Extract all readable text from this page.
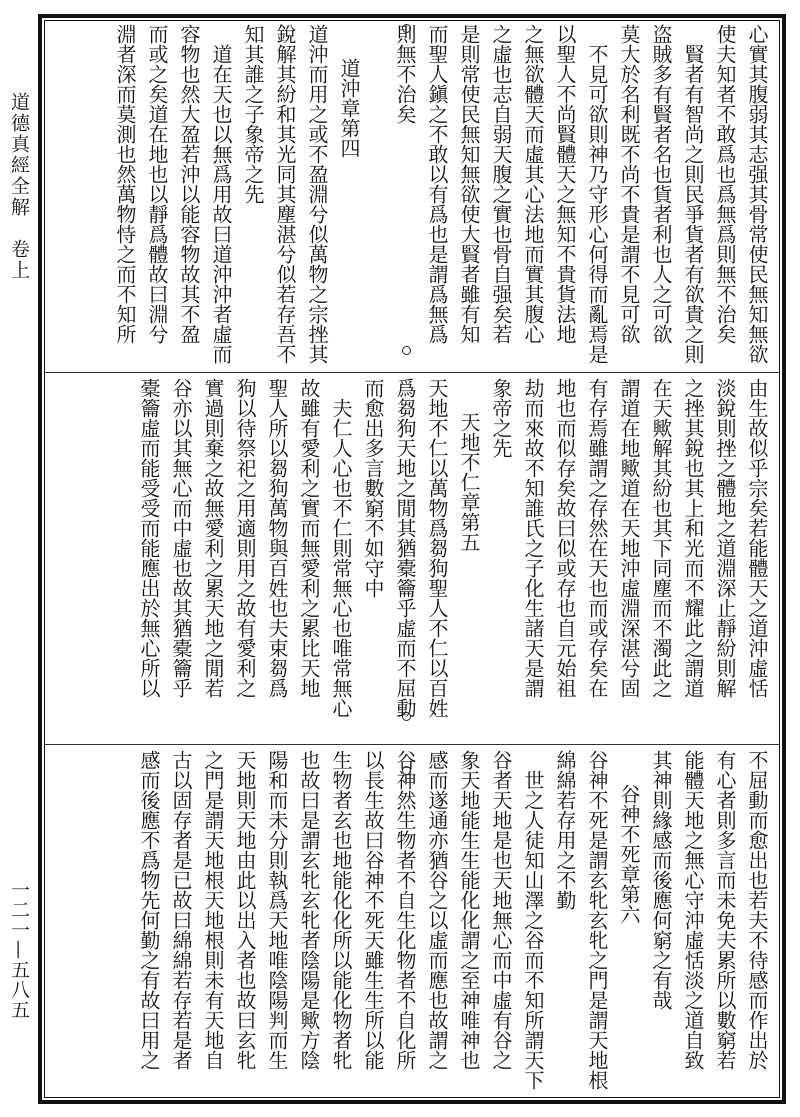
道德真經全解　卷上
一二一—五八五
心實其腹弱其志强其骨常使民無知無欲
使夫知者不敢爲也爲無爲則無不治矣
賢者有智尚之則民爭貨者有欲貴之則
盗賊多有賢者名也貨者利也人之可欲
莫大於名利既不尚不貴是謂不見可欲
不見可欲則神乃守形心何得而亂焉是
以聖人不尚賢體天之無知不貴貨法地
之無欲體天而虛其心法地而實其腹心
之虛也志自弱天腹之實也骨自强矣若
是則常使民無知無欲使大賢者雖有知
而聖人鎭之不敢以有爲也是謂爲無爲
則無不治矣
道沖章第四
道沖而用之或不盈淵兮似萬物之宗挫其
銳解其紛和其光同其塵湛兮似若存吾不
知其誰之子象帝之先
道在天也以無爲用故曰道沖沖者虛而
容物也然大盈若沖以能容物故其不盈
而或之矣道在地也以靜爲體故曰淵兮
淵者深而莫測也然萬物恃之而不知所
由生故似乎宗矣若能體天之道沖虛恬
淡銳則挫之體地之道淵深止靜紛則解
之挫其銳也其上和光而不耀此之謂道
在天歟解其紛也其下同塵而不濁此之
謂道在地歟道在天地沖虛淵深湛兮固
有存焉雖謂之存然在天也而或存矣在
地也而似存矣故曰似或存也自元始祖
劫而來故不知誰氏之子化生諸天是謂
象帝之先
天地不仁章第五
天地不仁以萬物爲芻狗聖人不仁以百姓
爲芻狗天地之閒其猶橐籥乎虛而不屈動
而愈出多言數窮不如守中
夫仁人心也不仁則常無心也唯常無心
故雖有愛利之實而無愛利之累比天地
聖人所以芻狗萬物與百姓也夫束芻爲
狗以待祭祀之用適則用之故有愛利之
實過則棄之故無愛利之累天地之閒若
谷亦以其無心而中虛也故其猶橐籥乎
橐籥虛而能受受而能應出於無心所以
不屈動而愈出也若夫不待感而作出於
有心者則多言而未免夫累所以數窮若
能體天地之無心守沖虛恬淡之道自致
其神則緣感而後應何窮之有哉
谷神不死章第六
谷神不死是謂玄牝玄牝之門是謂天地根
綿綿若存用之不勤
世之人徒知山澤之谷而不知所謂天下
谷者天地是也天地無心而中虛有谷之
象天地能生生能化化謂之至神唯神也
感而遂通亦猶谷之以虛而應也故謂之
谷神然生物者不自生化物者不自化所
以長生故曰谷神不死天雖生生所以能
生物者玄也地能化化所以能化物者牝
也故曰是謂玄牝玄牝者陰陽是歟方陰
陽和而未分則執爲天地唯陰陽判而生
天地則天地由此以出入者也故曰玄牝
之門是謂天地根天地根則未有天地自
古以固存者是已故曰綿綿若存若是者
感而後應不爲物先何勤之有故曰用之
